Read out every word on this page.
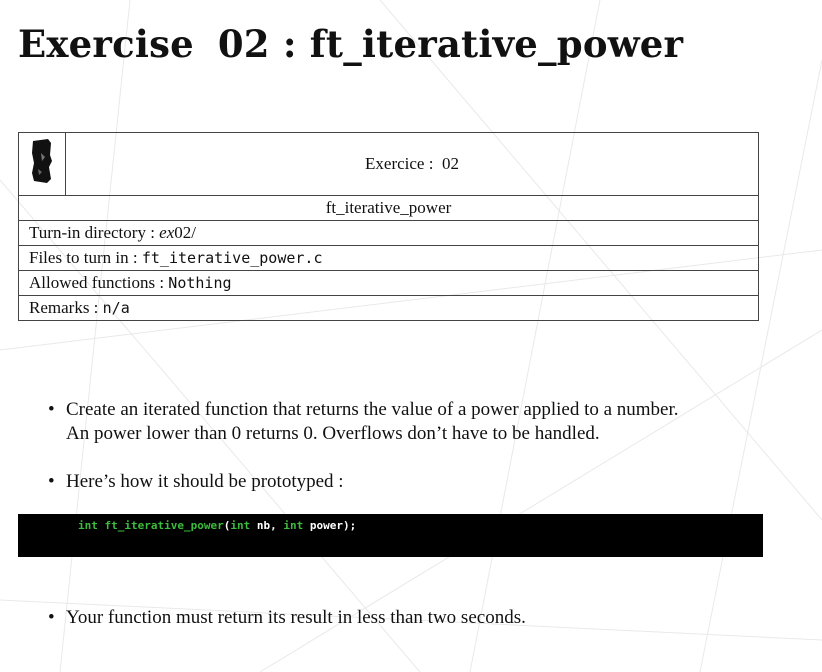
Exercise 02 : ft_iterative_power
	Exercice : 02
ft_iterative_power
Turn-in directory : ex02/
Files to turn in : ft_iterative_power.c
Allowed functions : Nothing
Remarks : n/a
• Create an iterated function that returns the value of a power applied to a number.
An power lower than 0 returns 0. Overflows don’t have to be handled.
• Here’s how it should be prototyped :
int ft_iterative_power(int nb, int power);
• Your function must return its result in less than two seconds.
